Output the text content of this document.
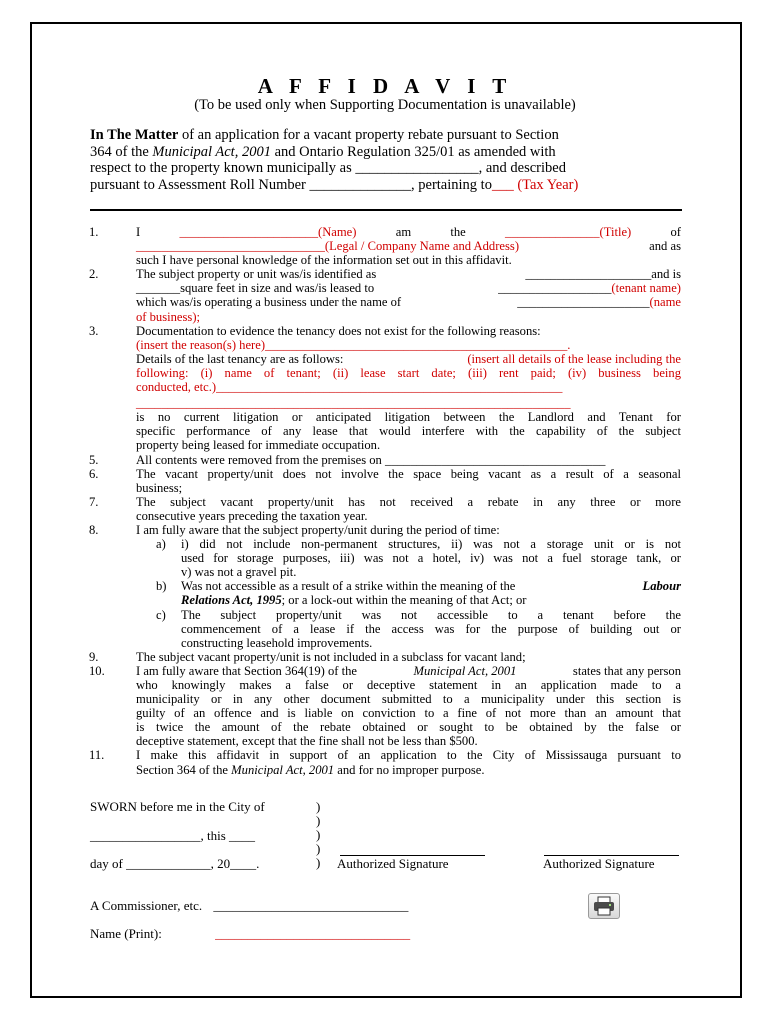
A F F I D A V I T
(To be used only when Supporting Documentation is unavailable)
In The Matter of an application for a vacant property rebate pursuant to Section
364 of the Municipal Act, 2001 and Ontario Regulation 325/01 as amended with
respect to the property known municipally as _________________, and described
pursuant to Assessment Roll Number ______________, pertaining to ___
(Tax Year)
1.	I	______________________(Name)	am	the	_______________(Title)	of
______________________________(Legal / Company Name and Address)	and as
such I have personal knowledge of the information set out in this affidavit.
2.	The subject property or unit was/is identified as	____________________and is
_______square feet in size and was/is leased to	__________________(tenant name)
which was/is operating a business under the name of	_____________________(name
of business);
3.	Documentation to evidence the tenancy does not exist for the following reasons:
(insert the reason(s) here)________________________________________________.
Details of the last tenancy are as follows:	(insert all details of the lease including the
following: (i) name of tenant; (ii) lease start date; (iii) rent paid; (iv) business being
conducted, etc.)_______________________________________________________
_____________________________________________________________________
is no current litigation or anticipated litigation between the Landlord and Tenant for
specific performance of any lease that would interfere with the capability of the subject
property being leased for immediate occupation.
5.	All contents were removed from the premises on ___________________________________
6.	The vacant property/unit does not involve the space being vacant as a result of a seasonal
business;
7.	The subject vacant property/unit has not received a rebate in any three or more
consecutive years preceding the taxation year.
8.	I am fully aware that the subject property/unit during the period of time:
a)	i) did not include non-permanent structures, ii) was not a storage unit or is not
used for storage purposes, iii) was not a hotel, iv) was not a fuel storage tank, or
v) was not a gravel pit.
b)	Was not accessible as a result of a strike within the meaning of the	Labour
Relations Act, 1995; or a lock-out within the meaning of that Act; or
c)	The subject property/unit was not accessible to a tenant before the
commencement of a lease if the access was for the purpose of building out or
constructing leasehold improvements.
9.	The subject vacant property/unit is not included in a subclass for vacant land;
10.	I am fully aware that Section 364(19) of the	Municipal Act, 2001	states that any person
who knowingly makes a false or deceptive statement in an application made to a
municipality or in any other document submitted to a municipality under this section is
guilty of an offence and is liable on conviction to a fine of not more than an amount that
is twice the amount of the rebate obtained or sought to be obtained by the false or
deceptive statement, except that the fine shall not be less than $500.
11.	I make this affidavit in support of an application to the City of Mississauga pursuant to
Section 364 of the Municipal Act, 2001 and for no improper purpose.
SWORN before me in the City of
_________________, this ____
day of _____________, 20____.
)
)
)
)
) Authorized Signature	Authorized Signature
A Commissioner, etc. ______________________________
Name (Print):	______________________________
